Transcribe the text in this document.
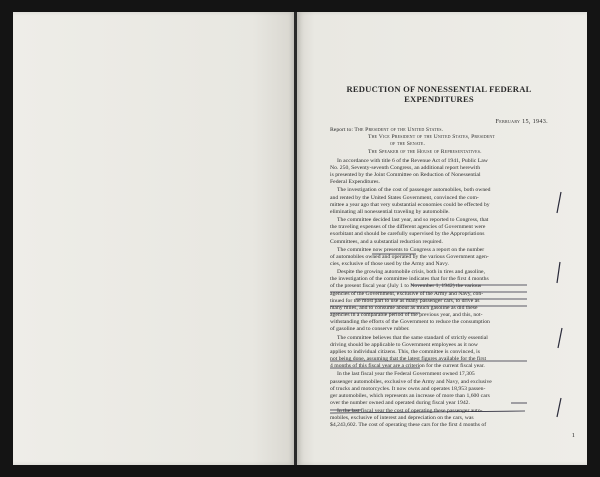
REDUCTION OF NONESSENTIAL FEDERAL
EXPENDITURES
February 15, 1943.
Report to: The President of the United States.
The Vice President of the United States, President
of the Senate.
The Speaker of the House of Representatives.
In accordance with title 6 of the Revenue Act of 1941, Public Law
No. 250, Seventy-seventh Congress, an additional report herewith
is presented by the Joint Committee on Reduction of Nonessential
Federal Expenditures.
The investigation of the cost of passenger automobiles, both owned
and rented by the United States Government, convinced the com-
mittee a year ago that very substantial economies could be effected by
eliminating all nonessential traveling by automobile.
The committee decided last year, and so reported to Congress, that
the traveling expenses of the different agencies of Government were
exorbitant and should be carefully supervised by the Appropriations
Committees, and a substantial reduction required.
The committee now presents to Congress a report on the number
of automobiles owned and operated by the various Government agen-
cies, exclusive of those used by the Army and Navy.
Despite the growing automobile crisis, both in tires and gasoline,
the investigation of the committee indicates that for the first 4 months
of the present fiscal year (July 1 to November 1, 1942) the various
agencies of the Government, exclusive of the Army and Navy, con-
tinued for the most part to use as many passenger cars, to drive as
many miles, and to consume about as much gasoline as did these
agencies in a comparable period of the previous year, and this, not-
withstanding the efforts of the Government to reduce the consumption
of gasoline and to conserve rubber.
The committee believes that the same standard of strictly essential
driving should be applicable to Government employees as it now
applies to individual citizens. This, the committee is convinced, is
not being done, assuming that the latest figures available for the first
4 months of this fiscal year are a criterion for the current fiscal year.
In the last fiscal year the Federal Government owned 17,305
passenger automobiles, exclusive of the Army and Navy, and exclusive
of trucks and motorcycles. It now owns and operates 18,953 passen-
ger automobiles, which represents an increase of more than 1,600 cars
over the number owned and operated during fiscal year 1942.
In the last fiscal year the cost of operating these passenger auto-
mobiles, exclusive of interest and depreciation on the cars, was
$4,243,602. The cost of operating these cars for the first 4 months of
1
